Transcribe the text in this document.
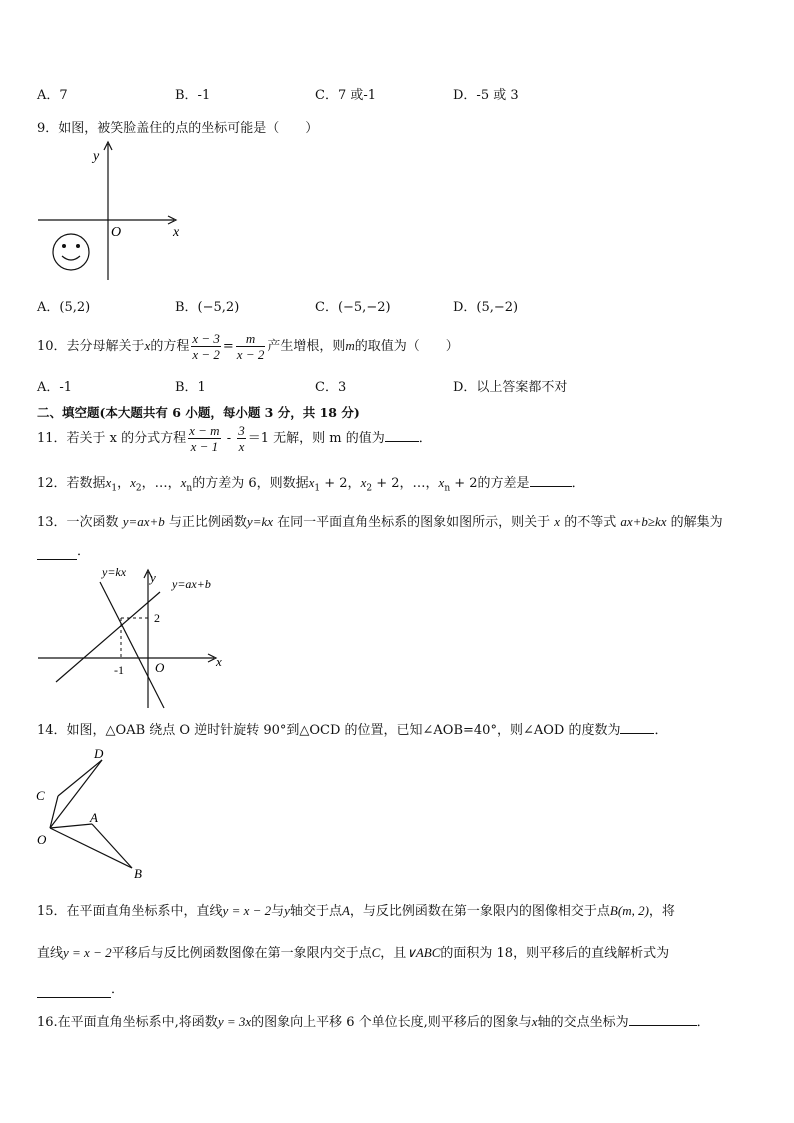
A．7	B．-1	C．7 或-1	D．-5 或 3
9．如图，被笑脸盖住的点的坐标可能是（　　）
y
x
O
A．(5,2)	B．(−5,2)	C．(−5,−2)	D．(5,−2)
10．去分母解关于x的方程 $\frac{x - 3}{x - 2} = \frac{m}{x - 2}$ 产生增根，则m的取值为（　　）
A．-1	B．1	C．3	D．以上答案都不对
二、填空题(本大题共有 6 小题，每小题 3 分，共 18 分)
11．若关于 x 的分式方程 $\frac{x - m}{x - 1} - \frac{3}{x} =1$ 无解，则 m 的值为	．
12．若数据$x_1$，$x_2$，…，$x_n$的方差为 6，则数据$x_1 + 2$，$x_2 + 2$，…，$x_n + 2$的方差是	．
13．一次函数 y=ax+b 与正比例函数y=kx 在同一平面直角坐标系的图象如图所示，则关于 x 的不等式 ax+b≥kx 的解集为
．
y=kx
y=ax+b
y
x
O
2
-1
14．如图，△OAB 绕点 O 逆时针旋转 90°到△OCD 的位置，已知∠AOB=40°，则∠AOD 的度数为	．
D
C
A
O
B
15．在平面直角坐标系中，直线y = x − 2与y轴交于点A，与反比例函数在第一象限内的图像相交于点B(m, 2)，将
直线y = x − 2平移后与反比例函数图像在第一象限内交于点C，且∨ABC的面积为 18，则平移后的直线解析式为
．
16.在平面直角坐标系中,将函数y = 3x的图象向上平移 6 个单位长度,则平移后的图象与x轴的交点坐标为	．
